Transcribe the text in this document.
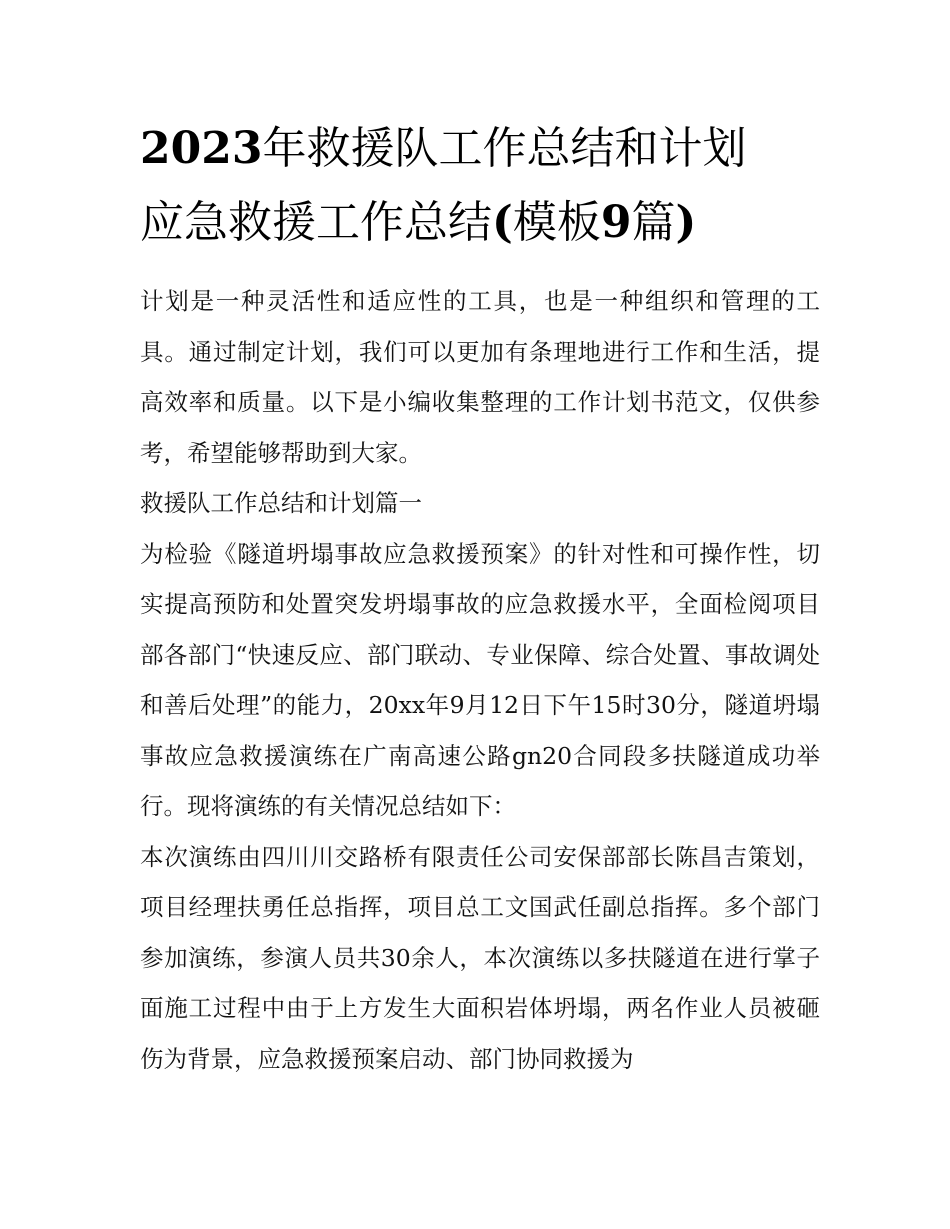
2023年救援队工作总结和计划
应急救援工作总结(模板9篇)

计划是一种灵活性和适应性的工具，也是一种组织和管理的工具。通过制定计划，我们可以更加有条理地进行工作和生活，提高效率和质量。以下是小编收集整理的工作计划书范文，仅供参考，希望能够帮助到大家。

救援队工作总结和计划篇一

为检验《隧道坍塌事故应急救援预案》的针对性和可操作性，切实提高预防和处置突发坍塌事故的应急救援水平，全面检阅项目部各部门“快速反应、部门联动、专业保障、综合处置、事故调处和善后处理”的能力，20xx年9月12日下午15时30分，隧道坍塌事故应急救援演练在广南高速公路gn20合同段多扶隧道成功举行。现将演练的有关情况总结如下：

本次演练由四川川交路桥有限责任公司安保部部长陈昌吉策划，项目经理扶勇任总指挥，项目总工文国武任副总指挥。多个部门参加演练，参演人员共30余人，本次演练以多扶隧道在进行掌子面施工过程中由于上方发生大面积岩体坍塌，两名作业人员被砸伤为背景，应急救援预案启动、部门协同救援为
